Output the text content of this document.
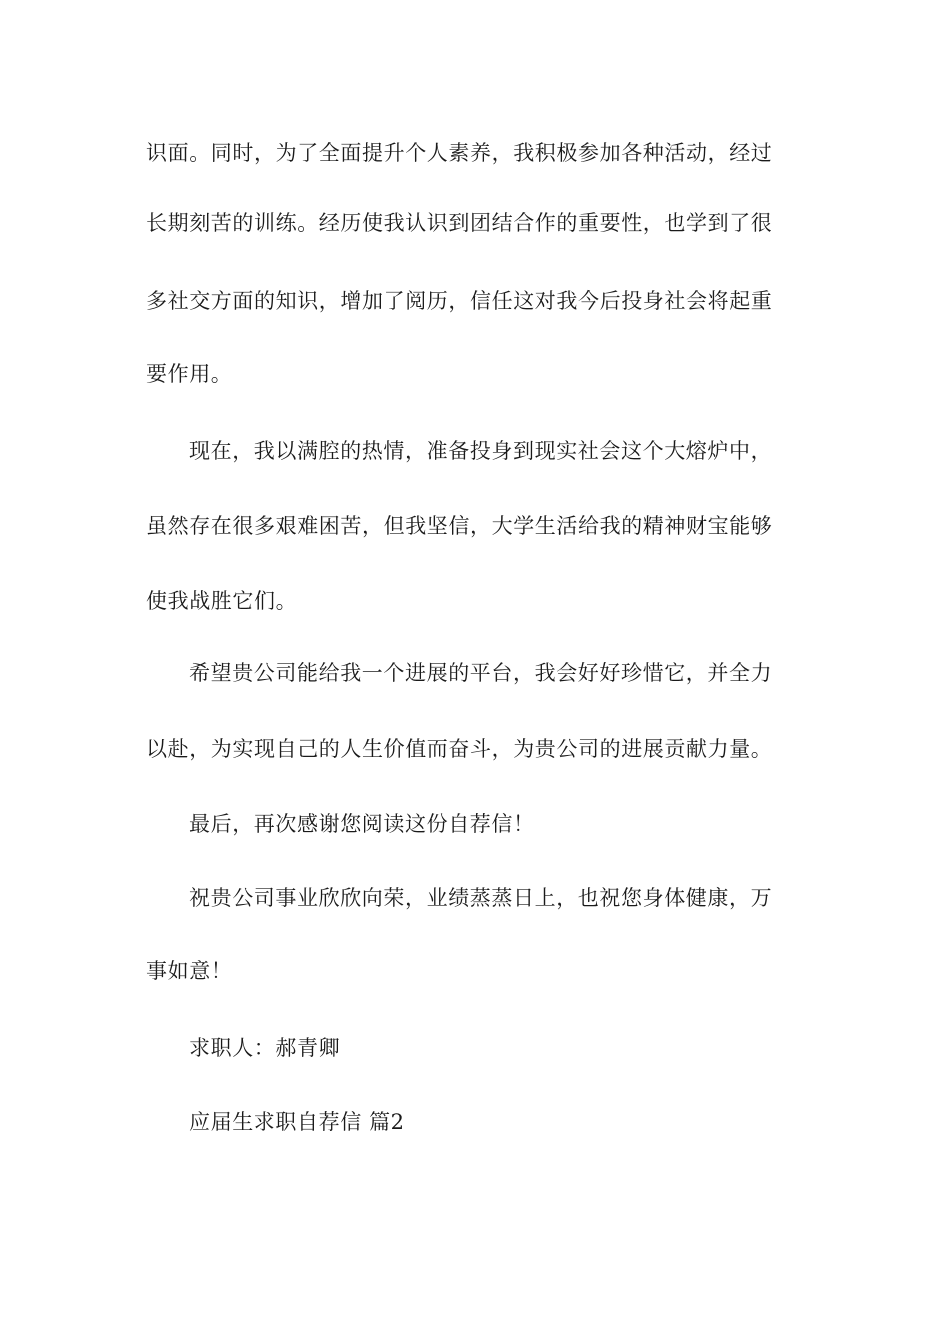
识面。同时，为了全面提升个人素养，我积极参加各种活动，经过
长期刻苦的训练。经历使我认识到团结合作的重要性，也学到了很
多社交方面的知识，增加了阅历，信任这对我今后投身社会将起重
要作用。
现在，我以满腔的热情，准备投身到现实社会这个大熔炉中，
虽然存在很多艰难困苦，但我坚信，大学生活给我的精神财宝能够
使我战胜它们。
希望贵公司能给我一个进展的平台，我会好好珍惜它，并全力
以赴，为实现自己的人生价值而奋斗，为贵公司的进展贡献力量。
最后，再次感谢您阅读这份自荐信！
祝贵公司事业欣欣向荣，业绩蒸蒸日上，也祝您身体健康，万
事如意！
求职人：郝青卿
应届生求职自荐信 篇2
